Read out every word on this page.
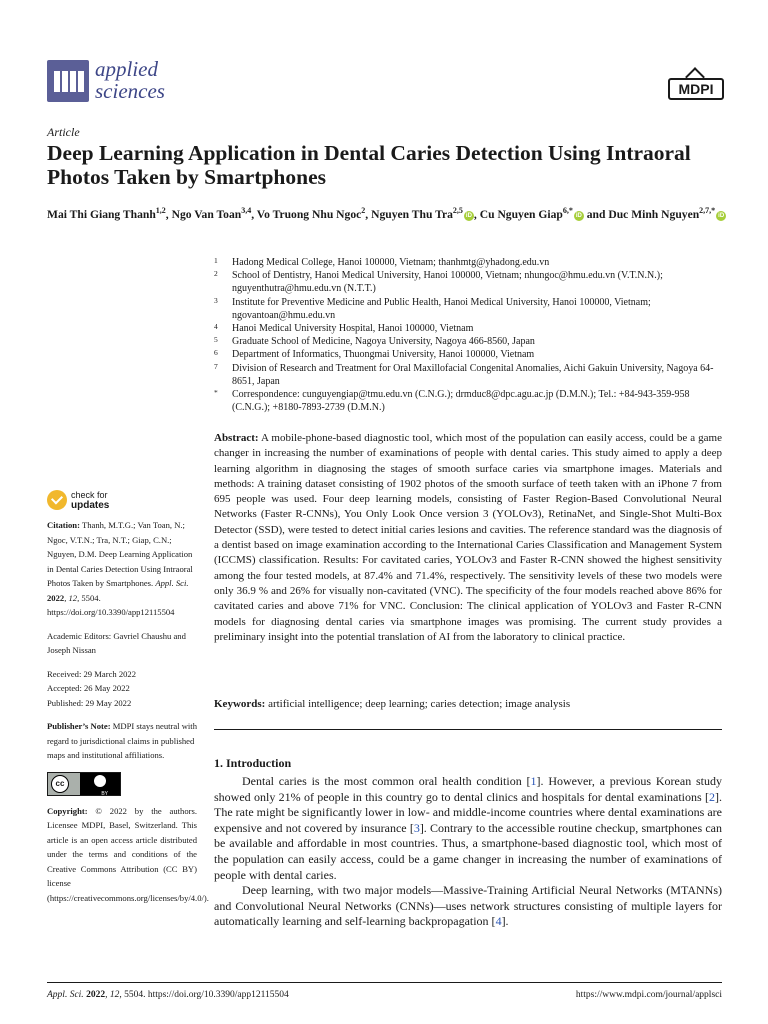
applied
sciences	MDPI
Article
Deep Learning Application in Dental Caries Detection Using Intraoral Photos Taken by Smartphones
Mai Thi Giang Thanh$^{1,2}$, Ngo Van Toan$^{3,4}$, Vo Truong Nhu Ngoc$^2$, Nguyen Thu Tra$^{2,5}$iD , Cu Nguyen Giap$^{6,*}$iD and Duc Minh Nguyen$^{2,7,*}$iD
1 Hadong Medical College, Hanoi 100000, Vietnam; thanhmtg@yhadong.edu.vn
2 School of Dentistry, Hanoi Medical University, Hanoi 100000, Vietnam; nhungoc@hmu.edu.vn (V.T.N.N.); nguyenthutra@hmu.edu.vn (N.T.T.)
3 Institute for Preventive Medicine and Public Health, Hanoi Medical University, Hanoi 100000, Vietnam; ngovantoan@hmu.edu.vn
4 Hanoi Medical University Hospital, Hanoi 100000, Vietnam
5 Graduate School of Medicine, Nagoya University, Nagoya 466-8560, Japan
6 Department of Informatics, Thuongmai University, Hanoi 100000, Vietnam
7 Division of Research and Treatment for Oral Maxillofacial Congenital Anomalies, Aichi Gakuin University, Nagoya 64-8651, Japan
* Correspondence: cunguyengiap@tmu.edu.vn (C.N.G.); drmduc8@dpc.agu.ac.jp (D.M.N.); Tel.: +84-943-359-958 (C.N.G.); +8180-7893-2739 (D.M.N.)
check for
updates
Citation: Thanh, M.T.G.; Van Toan, N.; Ngoc, V.T.N.; Tra, N.T.; Giap, C.N.; Nguyen, D.M. Deep Learning Application in Dental Caries Detection Using Intraoral Photos Taken by Smartphones. Appl. Sci. 2022, 12, 5504. https://doi.org/10.3390/app12115504
Academic Editors: Gavriel Chaushu and Joseph Nissan
Received: 29 March 2022
Accepted: 26 May 2022
Published: 29 May 2022
Publisher’s Note: MDPI stays neutral with regard to jurisdictional claims in published maps and institutional affiliations.
cc
BY
Copyright: © 2022 by the authors. Licensee MDPI, Basel, Switzerland. This article is an open access article distributed under the terms and conditions of the Creative Commons Attribution (CC BY) license (https://creativecommons.org/licenses/by/4.0/).

Abstract: A mobile-phone-based diagnostic tool, which most of the population can easily access, could be a game changer in increasing the number of examinations of people with dental caries. This study aimed to apply a deep learning algorithm in diagnosing the stages of smooth surface caries via smartphone images. Materials and methods: A training dataset consisting of 1902 photos of the smooth surface of teeth taken with an iPhone 7 from 695 people was used. Four deep learning models, consisting of Faster Region-Based Convolutional Neural Networks (Faster R-CNNs), You Only Look Once version 3 (YOLOv3), RetinaNet, and Single-Shot Multi-Box Detector (SSD), were tested to detect initial caries lesions and cavities. The reference standard was the diagnosis of a dentist based on image examination according to the International Caries Classification and Management System (ICCMS) classification. Results: For cavitated caries, YOLOv3 and Faster R-CNN showed the highest sensitivity among the four tested models, at 87.4% and 71.4%, respectively. The sensitivity levels of these two models were only 36.9 % and 26% for visually non-cavitated (VNC). The specificity of the four models reached above 86% for cavitated caries and above 71% for VNC. Conclusion: The clinical application of YOLOv3 and Faster R-CNN models for diagnosing dental caries via smartphone images was promising. The current study provides a preliminary insight into the potential translation of AI from the laboratory to clinical practice.

Keywords: artificial intelligence; deep learning; caries detection; image analysis

1. Introduction

Dental caries is the most common oral health condition [1]. However, a previous Korean study showed only 21% of people in this country go to dental clinics and hospitals for dental examinations [2]. The rate might be significantly lower in low- and middle-income countries where dental examinations are expensive and not covered by insurance [3]. Contrary to the accessible routine checkup, smartphones can be available and affordable in most countries. Thus, a smartphone-based diagnostic tool, which most of the population can easily access, could be a game changer in increasing the number of examinations of people with dental caries.

Deep learning, with two major models—Massive-Training Artificial Neural Networks (MTANNs) and Convolutional Neural Networks (CNNs)—uses network structures consisting of multiple layers for automatically learning and self-learning backpropagation [4].

Appl. Sci. 2022, 12, 5504. https://doi.org/10.3390/app12115504	https://www.mdpi.com/journal/applsci
